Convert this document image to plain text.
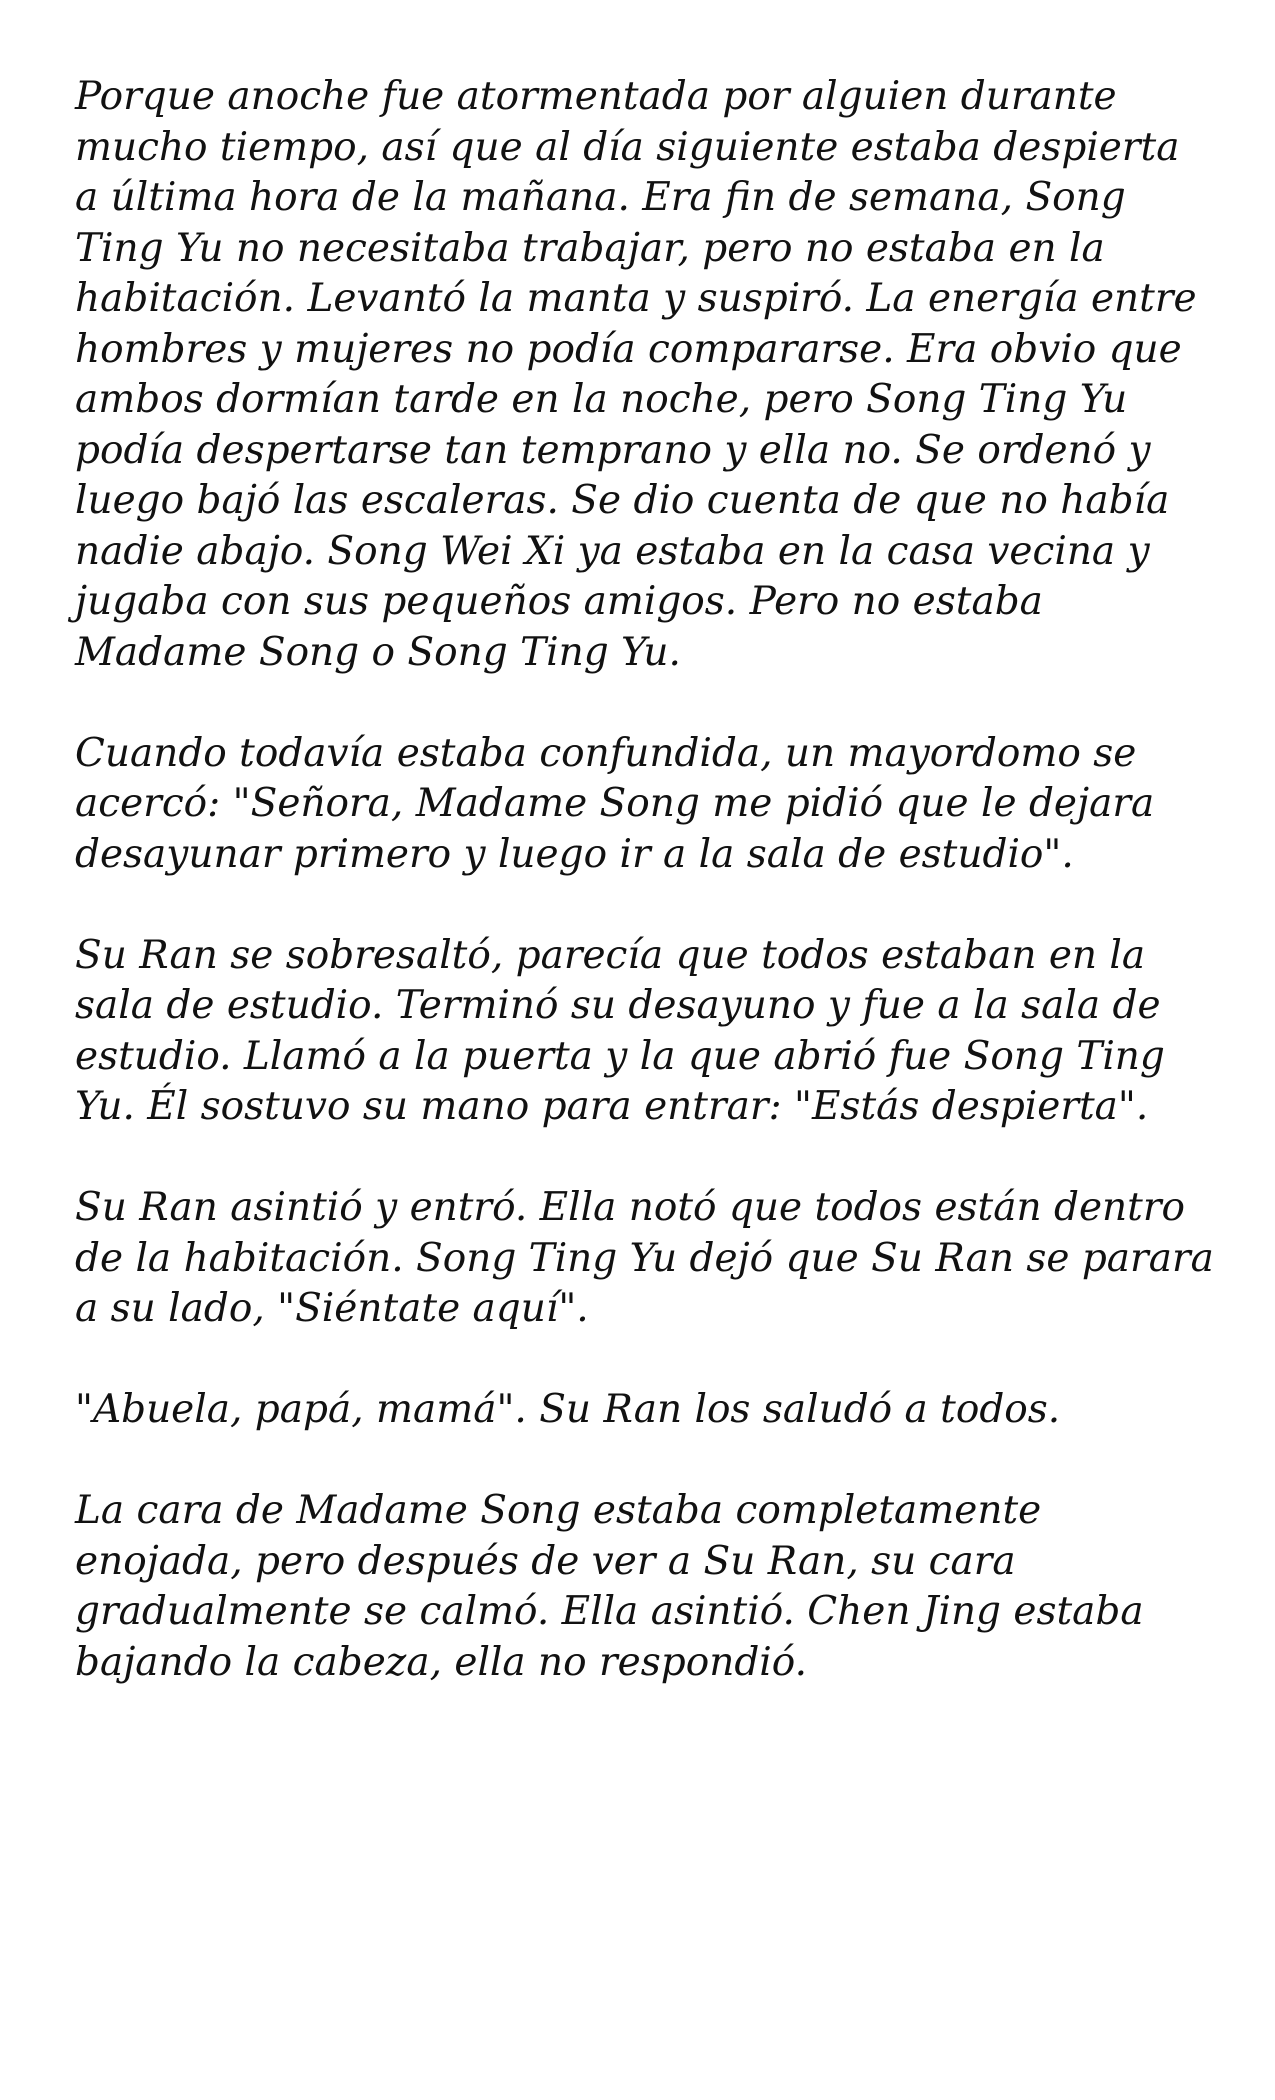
Porque anoche fue atormentada por alguien durante mucho tiempo, así que al día siguiente estaba despierta a última hora de la mañana. Era fin de semana, Song Ting Yu no necesitaba trabajar, pero no estaba en la habitación. Levantó la manta y suspiró. La energía entre hombres y mujeres no podía compararse. Era obvio que ambos dormían tarde en la noche, pero Song Ting Yu podía despertarse tan temprano y ella no. Se ordenó y luego bajó las escaleras. Se dio cuenta de que no había nadie abajo. Song Wei Xi ya estaba en la casa vecina y jugaba con sus pequeños amigos. Pero no estaba Madame Song o Song Ting Yu.

Cuando todavía estaba confundida, un mayordomo se acercó: "Señora, Madame Song me pidió que le dejara desayunar primero y luego ir a la sala de estudio".

Su Ran se sobresaltó, parecía que todos estaban en la sala de estudio. Terminó su desayuno y fue a la sala de estudio. Llamó a la puerta y la que abrió fue Song Ting Yu. Él sostuvo su mano para entrar: "Estás despierta".

Su Ran asintió y entró. Ella notó que todos están dentro de la habitación. Song Ting Yu dejó que Su Ran se parara a su lado, "Siéntate aquí".

"Abuela, papá, mamá". Su Ran los saludó a todos.

La cara de Madame Song estaba completamente enojada, pero después de ver a Su Ran, su cara gradualmente se calmó. Ella asintió. Chen Jing estaba bajando la cabeza, ella no respondió.
